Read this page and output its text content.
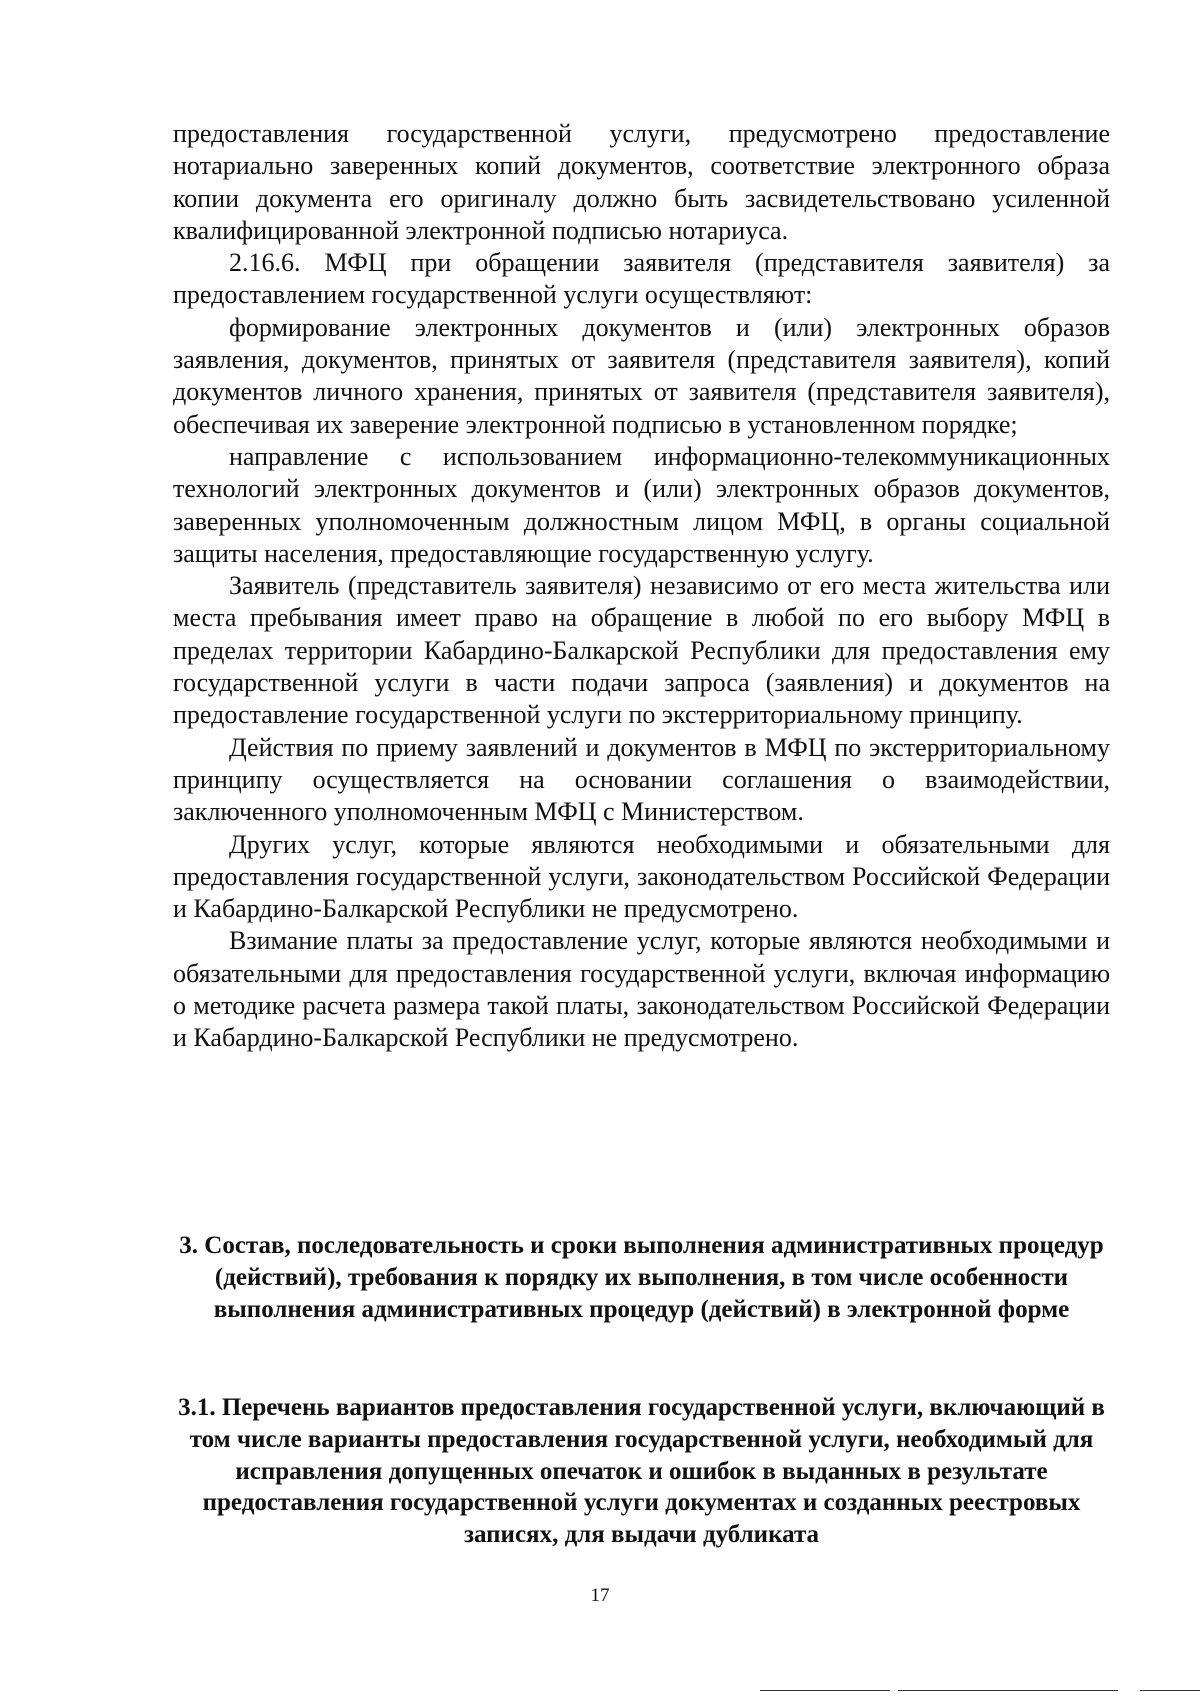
предоставления государственной услуги, предусмотрено предоставление нотариально заверенных копий документов, соответствие электронного образа копии документа его оригиналу должно быть засвидетельствовано усиленной квалифицированной электронной подписью нотариуса.

2.16.6. МФЦ при обращении заявителя (представителя заявителя) за предоставлением государственной услуги осуществляют:

формирование электронных документов и (или) электронных образов заявления, документов, принятых от заявителя (представителя заявителя), копий документов личного хранения, принятых от заявителя (представителя заявителя), обеспечивая их заверение электронной подписью в установленном порядке;

направление с использованием информационно-телекоммуникационных технологий электронных документов и (или) электронных образов документов, заверенных уполномоченным должностным лицом МФЦ, в органы социальной защиты населения, предоставляющие государственную услугу.

Заявитель (представитель заявителя) независимо от его места жительства или места пребывания имеет право на обращение в любой по его выбору МФЦ в пределах территории Кабардино-Балкарской Республики для предоставления ему государственной услуги в части подачи запроса (заявления) и документов на предоставление государственной услуги по экстерриториальному принципу.

Действия по приему заявлений и документов в МФЦ по экстерриториальному принципу осуществляется на основании соглашения о взаимодействии, заключенного уполномоченным МФЦ с Министерством.

Других услуг, которые являются необходимыми и обязательными для предоставления государственной услуги, законодательством Российской Федерации и Кабардино-Балкарской Республики не предусмотрено.

Взимание платы за предоставление услуг, которые являются необходимыми и обязательными для предоставления государственной услуги, включая информацию о методике расчета размера такой платы, законодательством Российской Федерации и Кабардино-Балкарской Республики не предусмотрено.

3. Состав, последовательность и сроки выполнения административных процедур (действий), требования к порядку их выполнения, в том числе особенности выполнения административных процедур (действий) в электронной форме
3.1. Перечень вариантов предоставления государственной услуги, включающий в том числе варианты предоставления государственной услуги, необходимый для исправления допущенных опечаток и ошибок в выданных в результате предоставления государственной услуги документах и созданных реестровых записях, для выдачи дубликата
17
